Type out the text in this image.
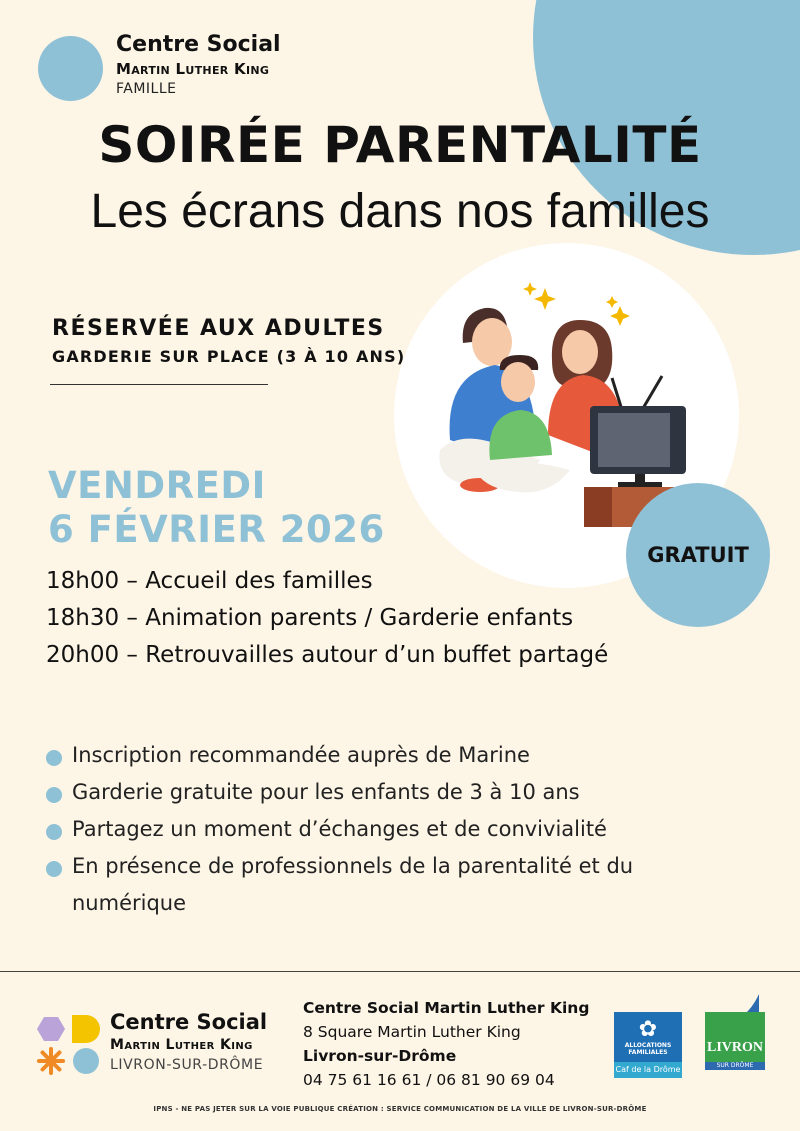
Centre Social
Martin Luther King
FAMILLE
SOIRÉE PARENTALITÉ
Les écrans dans nos familles
RÉSERVÉE AUX ADULTES
GARDERIE SUR PLACE (3 À 10 ANS)
VENDREDI
6 FÉVRIER 2026
GRATUIT
18h00 – Accueil des familles
18h30 – Animation parents / Garderie enfants
20h00 – Retrouvailles autour d’un buffet partagé
Inscription recommandée auprès de Marine
Garderie gratuite pour les enfants de 3 à 10 ans
Partagez un moment d’échanges et de convivialité
En présence de professionnels de la parentalité et du numérique
Centre Social
Martin Luther King
LIVRON-SUR-DRÔME
Centre Social Martin Luther King
8 Square Martin Luther King
Livron-sur-Drôme
04 75 61 16 61 / 06 81 90 69 04
✿
ALLOCATIONS
FAMILIALES
Caf de la Drôme
LIVRON
SUR DRÔME
IPNS - NE PAS JETER SUR LA VOIE PUBLIQUE CRÉATION : SERVICE COMMUNICATION DE LA VILLE DE LIVRON-SUR-DRÔME
